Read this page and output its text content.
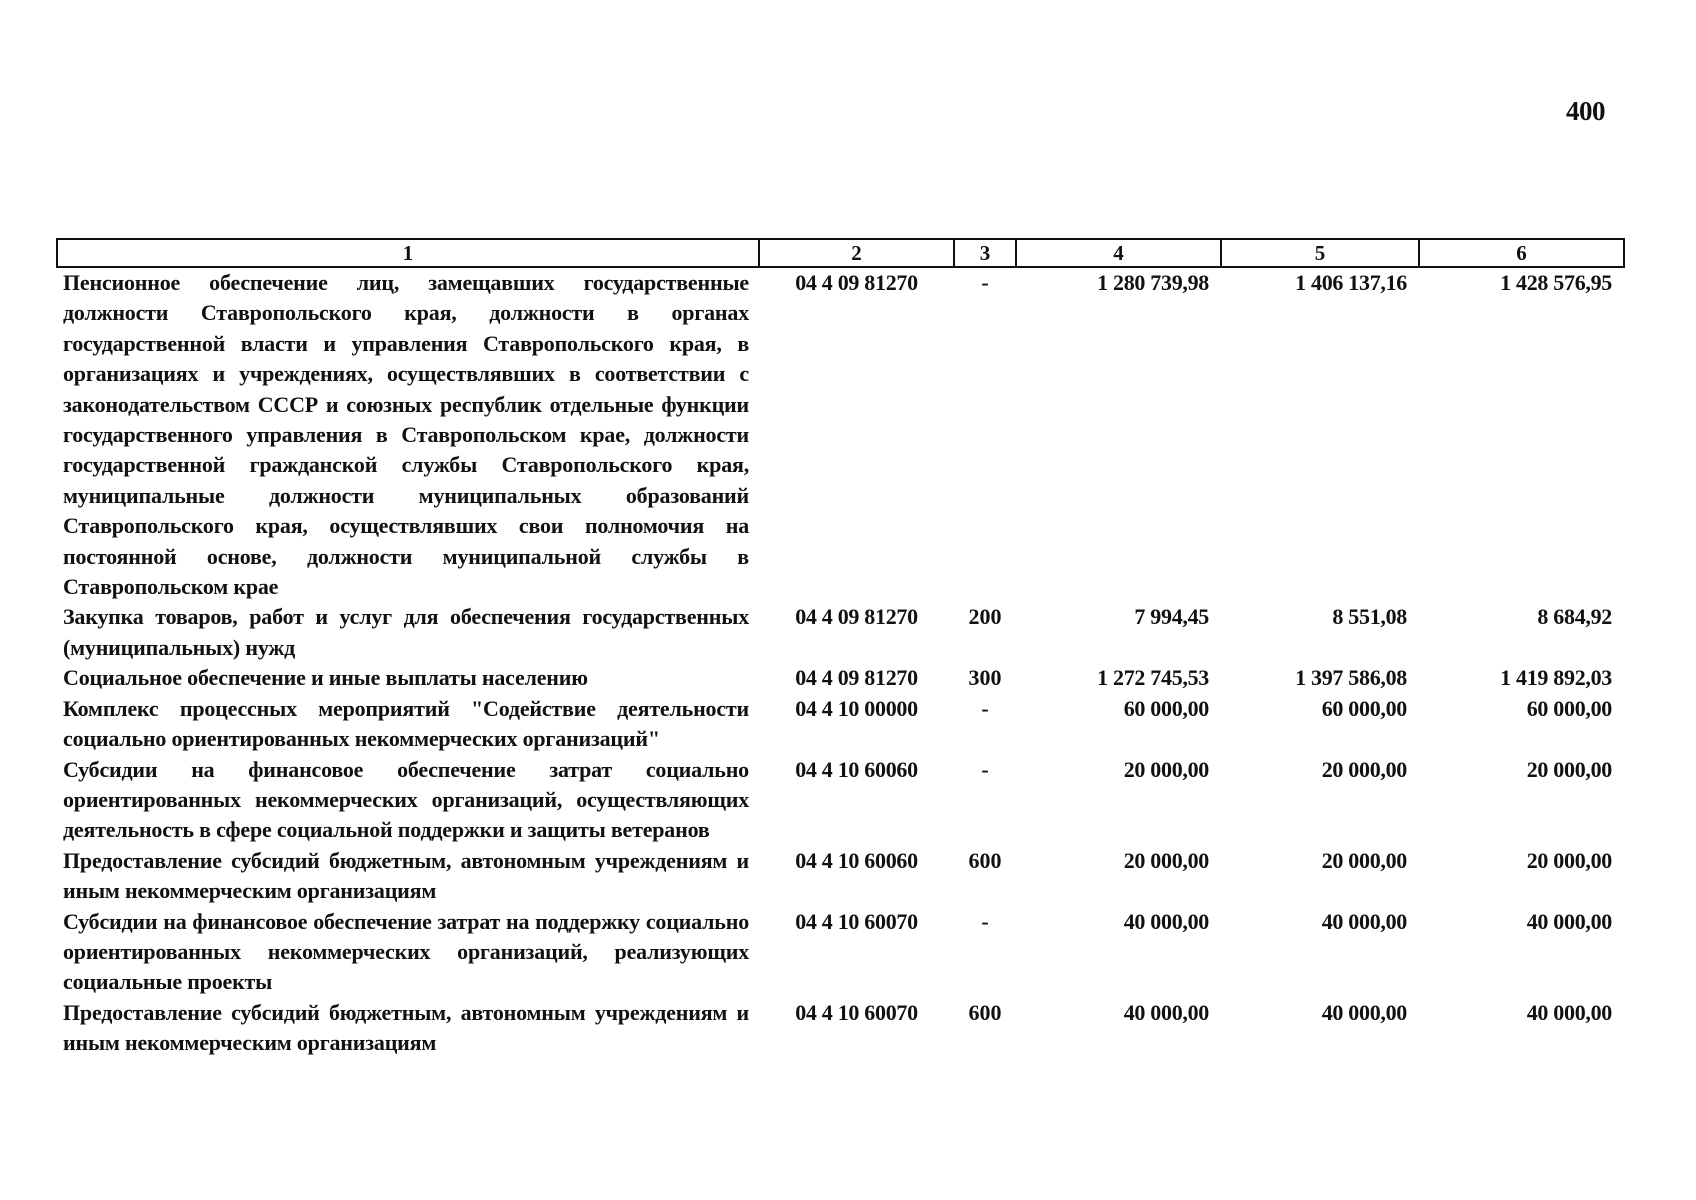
400
1	2	3	4	5	6
Пенсионное обеспечение лиц, замещавших государственные должности Ставропольского края, должности в органах государственной власти и управления Ставропольского края, в организациях и учреждениях, осуществлявших в соответствии с законодательством СССР и союзных республик отдельные функции государственного управления в Ставропольском крае, должности государственной гражданской службы Ставропольского края, муниципальные должности муниципальных образований Ставропольского края, осуществлявших свои полномочия на постоянной основе, должности муниципальной службы в Ставропольском крае	04 4 09 81270	-	1 280 739,98	1 406 137,16	1 428 576,95
Закупка товаров, работ и услуг для обеспечения государственных (муниципальных) нужд	04 4 09 81270	200	7 994,45	8 551,08	8 684,92
Социальное обеспечение и иные выплаты населению	04 4 09 81270	300	1 272 745,53	1 397 586,08	1 419 892,03
Комплекс процессных мероприятий "Содействие деятельности социально ориентированных некоммерческих организаций"	04 4 10 00000	-	60 000,00	60 000,00	60 000,00
Субсидии на финансовое обеспечение затрат социально ориентированных некоммерческих организаций, осуществляющих деятельность в сфере социальной поддержки и защиты ветеранов	04 4 10 60060	-	20 000,00	20 000,00	20 000,00
Предоставление субсидий бюджетным, автономным учреждениям и иным некоммерческим организациям	04 4 10 60060	600	20 000,00	20 000,00	20 000,00
Субсидии на финансовое обеспечение затрат на поддержку социально ориентированных некоммерческих организаций, реализующих социальные проекты	04 4 10 60070	-	40 000,00	40 000,00	40 000,00
Предоставление субсидий бюджетным, автономным учреждениям и иным некоммерческим организациям	04 4 10 60070	600	40 000,00	40 000,00	40 000,00
